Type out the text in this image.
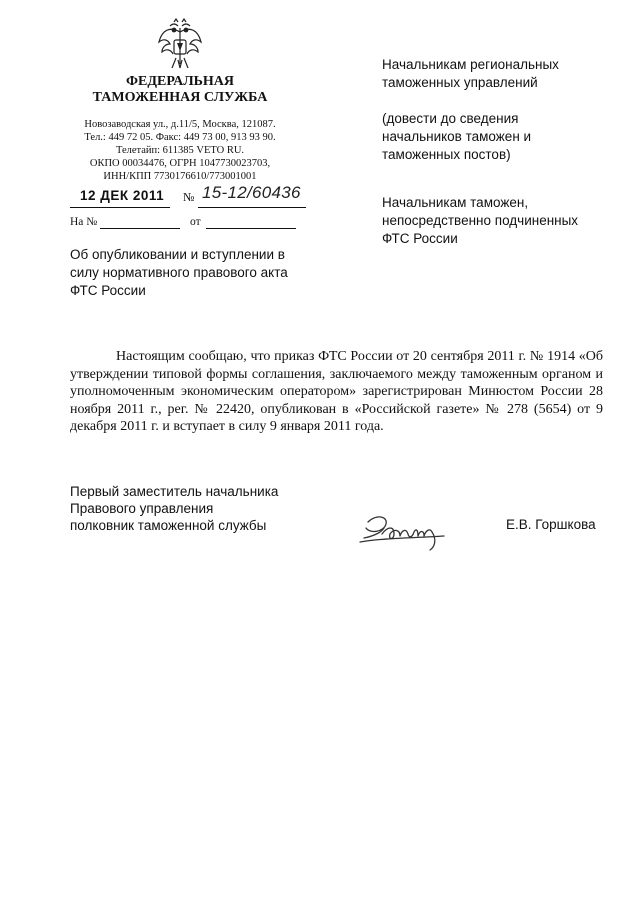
ФЕДЕРАЛЬНАЯ
ТАМОЖЕННАЯ СЛУЖБА
Новозаводская ул., д.11/5, Москва, 121087.
Тел.: 449 72 05. Факс: 449 73 00, 913 93 90.
Телетайп: 611385 VETO RU.
ОКПО 00034476, ОГРН 1047730023703,
ИНН/КПП 7730176610/773001001
12 ДЕК 2011 № 15-12/60436
На №	от
Об опубликовании и вступлении в
силу нормативного правового акта
ФТС России
Начальникам региональных
таможенных управлений
(довести до сведения
начальников таможен и
таможенных постов)
Начальникам таможен,
непосредственно подчиненных
ФТС России
Настоящим сообщаю, что приказ ФТС России от 20 сентября 2011 г. № 1914 «Об утверждении типовой формы соглашения, заключаемого между таможенным органом и уполномоченным экономическим оператором» зарегистрирован Минюстом России 28 ноября 2011 г., рег. № 22420, опубликован в «Российской газете» № 278 (5654) от 9 декабря 2011 г. и вступает в силу 9 января 2011 года.
Первый заместитель начальника
Правового управления
полковник таможенной службы	Е.В. Горшкова
